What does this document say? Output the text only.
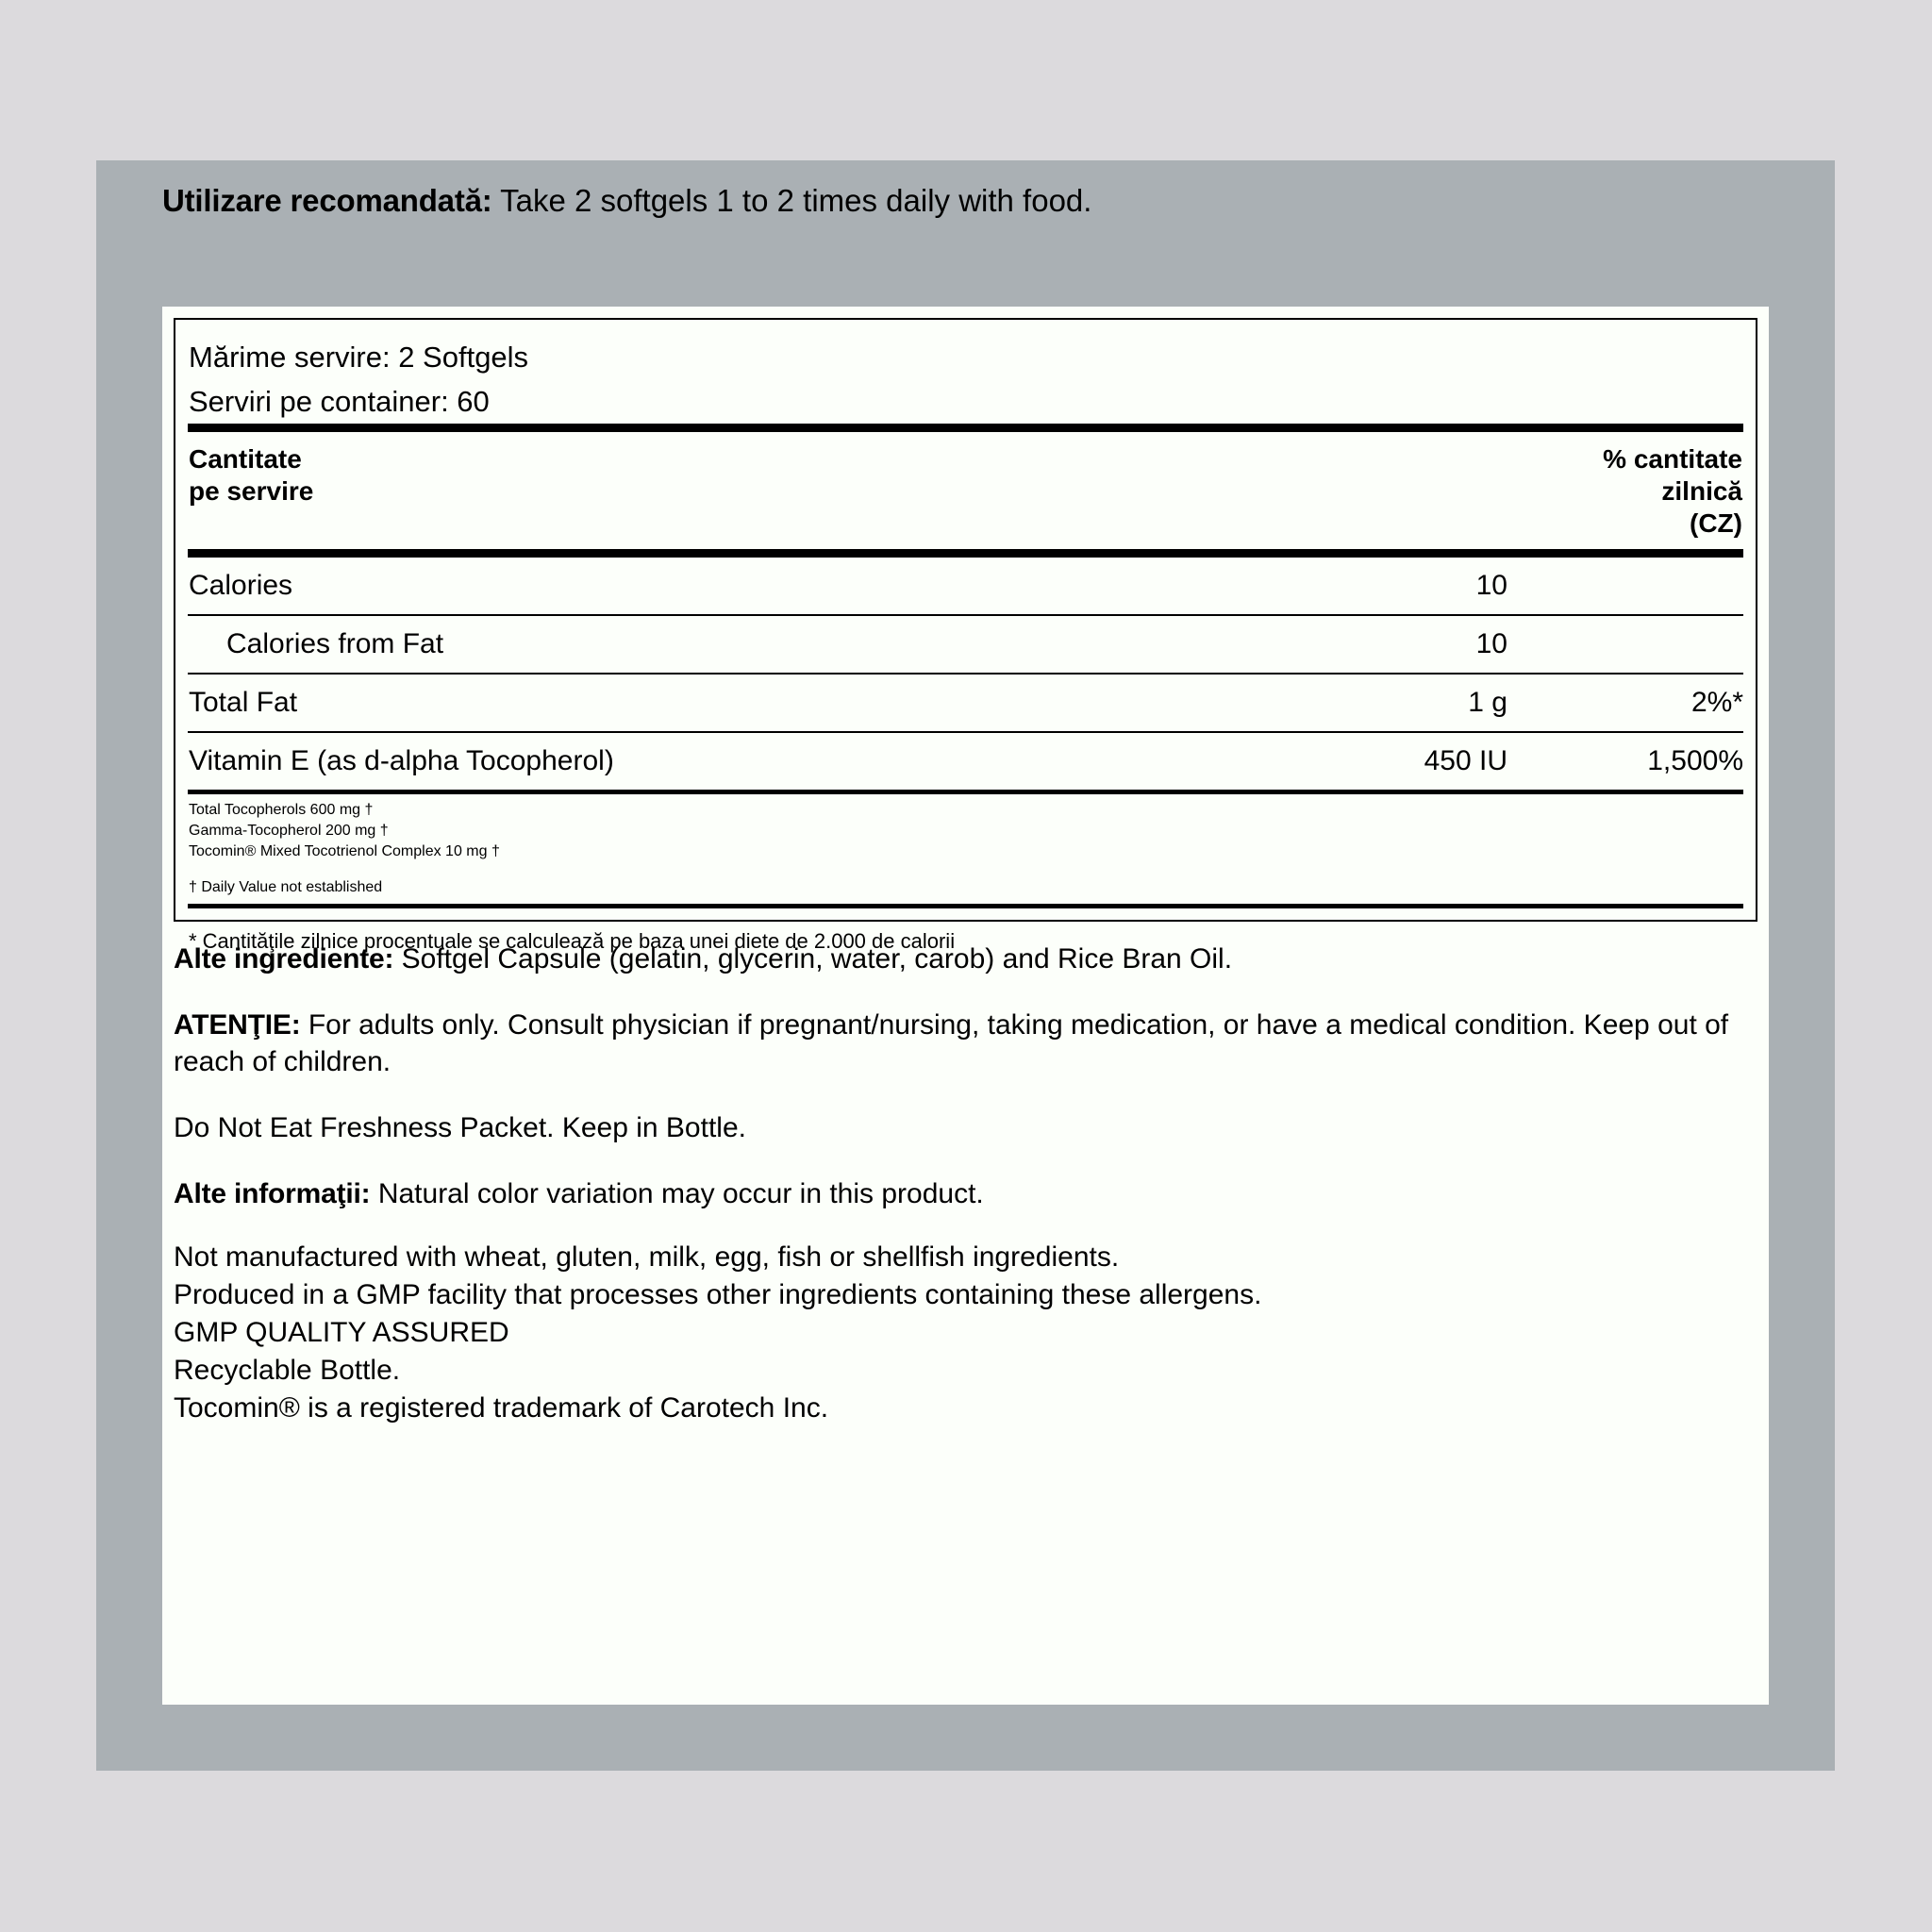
Utilizare recomandată: Take 2 softgels 1 to 2 times daily with food.
Mărime servire: 2 Softgels
Serviri pe container: 60
Cantitate
pe servire
% cantitate
zilnică
(CZ)
Calories	10
Calories from Fat	10
Total Fat	1 g	2%*
Vitamin E (as d-alpha Tocopherol)	450 IU	1,500%
Total Tocopherols 600 mg †
Gamma-Tocopherol 200 mg †
Tocomin® Mixed Tocotrienol Complex 10 mg †
† Daily Value not established
* Cantităţile zilnice procentuale se calculează pe baza unei diete de 2.000 de calorii

Alte ingrediente: Softgel Capsule (gelatin, glycerin, water, carob) and Rice Bran Oil.

ATENŢIE: For adults only. Consult physician if pregnant/nursing, taking medication, or have a medical condition. Keep out of reach of children.

Do Not Eat Freshness Packet. Keep in Bottle.

Alte informaţii: Natural color variation may occur in this product.

Not manufactured with wheat, gluten, milk, egg, fish or shellfish ingredients.
Produced in a GMP facility that processes other ingredients containing these allergens.
GMP QUALITY ASSURED
Recyclable Bottle.
Tocomin® is a registered trademark of Carotech Inc.
